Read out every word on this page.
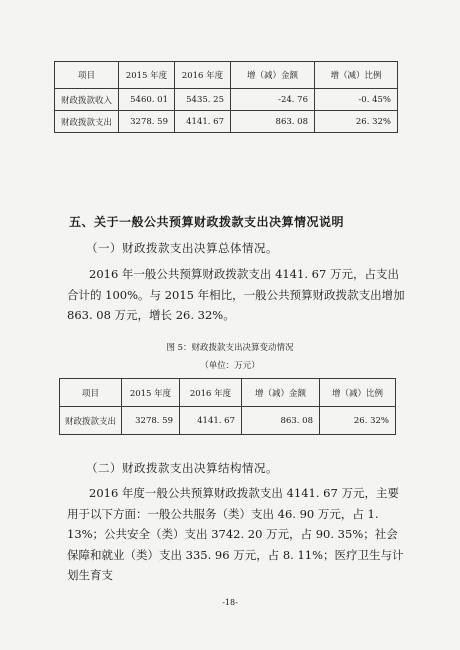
项目	2015 年度	2016 年度	增（减）金额	增（减）比例
财政拨款收入	5460. 01	5435. 25	-24. 76	-0. 45%
财政拨款支出	3278. 59	4141. 67	863. 08	26. 32%
五、关于一般公共预算财政拨款支出决算情况说明
（一）财政拨款支出决算总体情况。

2016 年一般公共预算财政拨款支出 4141. 67 万元，占支出合计的 100%。与 2015 年相比，一般公共预算财政拨款支出增加 863. 08 万元，增长 26. 32%。

图 5：财政拨款支出决算变动情况
（单位：万元）
项目	2015 年度	2016 年度	增（减）金额	增（减）比例
财政拨款支出	3278. 59	4141. 67	863. 08	26. 32%
（二）财政拨款支出决算结构情况。

2016 年度一般公共预算财政拨款支出 4141. 67 万元，主要用于以下方面：一般公共服务（类）支出 46. 90 万元，占 1. 13%；公共安全（类）支出 3742. 20 万元，占 90. 35%；社会保障和就业（类）支出 335. 96 万元，占 8. 11%；医疗卫生与计划生育支

-18-
